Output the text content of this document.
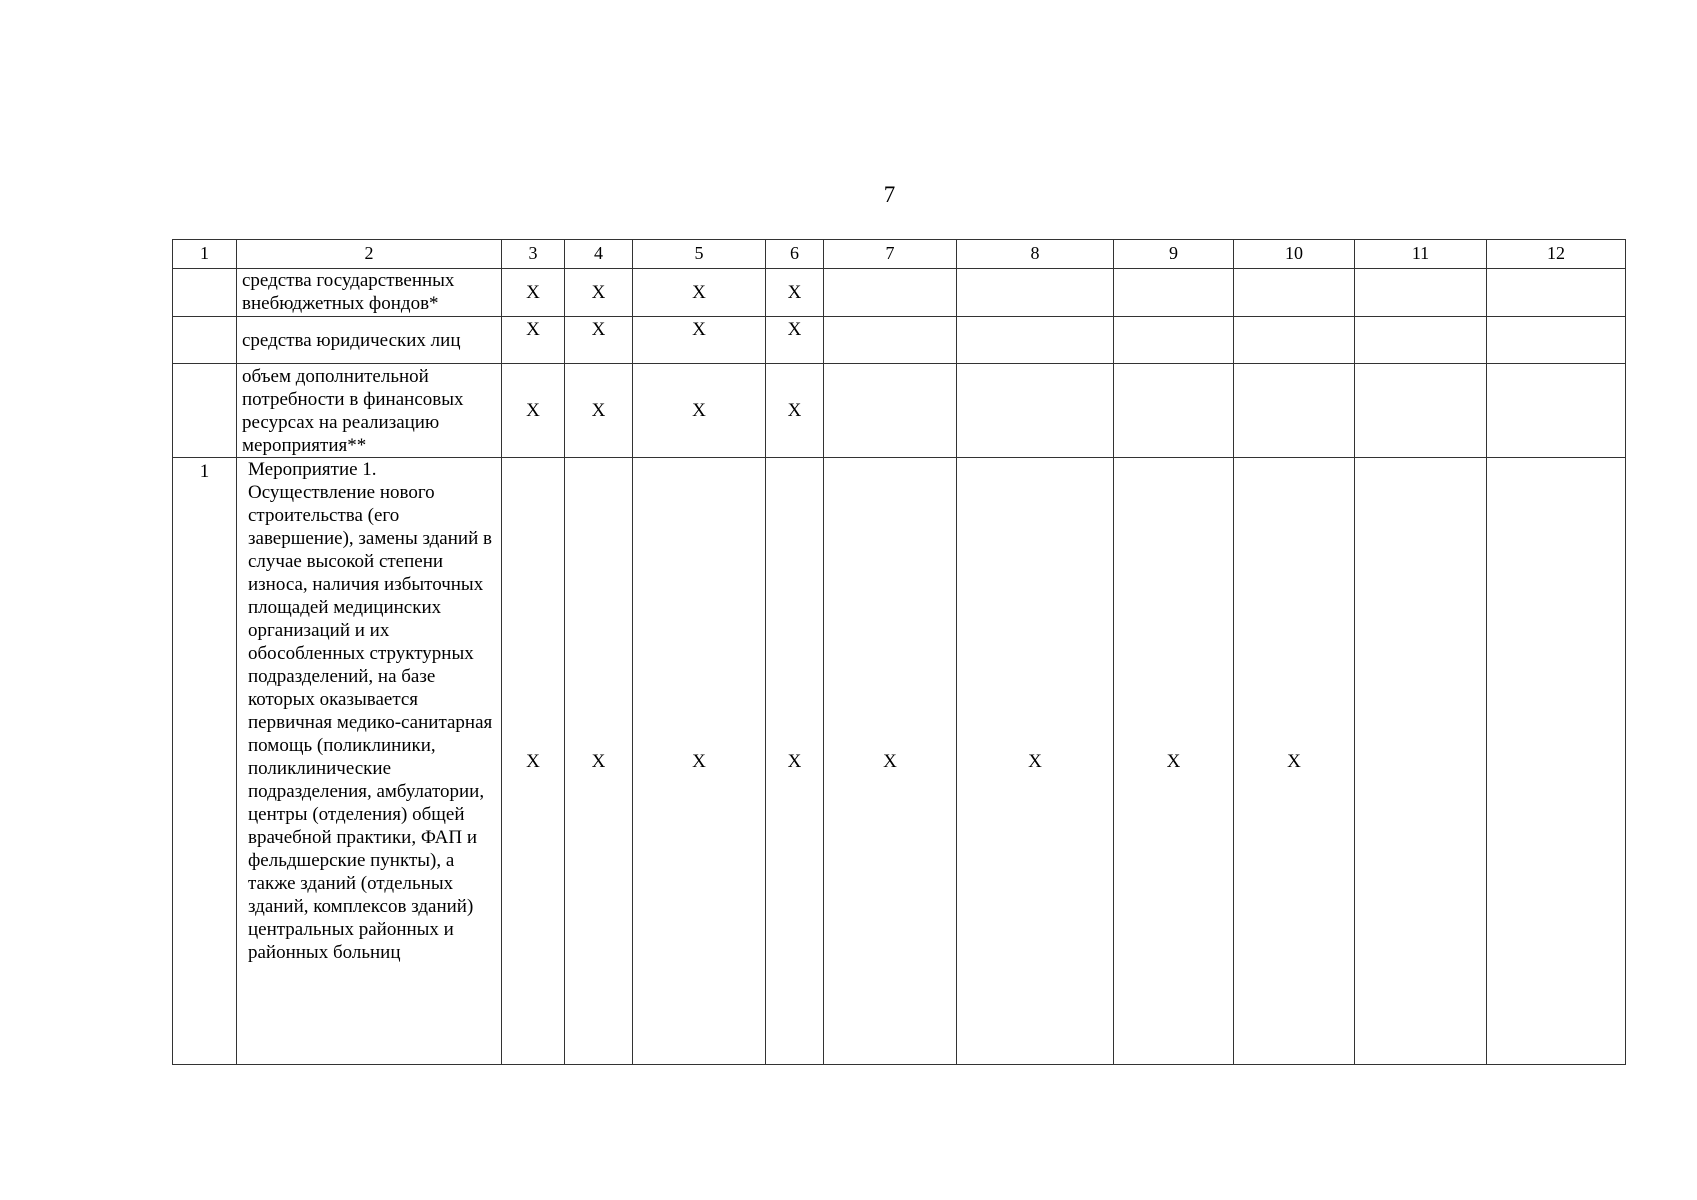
7
1	2	3	4	5	6	7	8	9	10	11	12
	средства государственных внебюджетных фондов*	X	X	X	X						
	средства юридических лиц	X	X	X	X						
	объем дополнительной потребности в финансовых ресурсах на реализацию мероприятия**	X	X	X	X						
1	Мероприятие 1. Осуществление нового строительства (его завершение), замены зданий в случае высокой степени износа, наличия избыточных площадей медицинских организаций и их обособленных структурных подразделений, на базе которых оказывается первичная медико-санитарная помощь (поликлиники, поликлинические подразделения, амбулатории, центры (отделения) общей врачебной практики, ФАП и фельдшерские пункты), а также зданий (отдельных зданий, комплексов зданий) центральных районных и районных больниц	X	X	X	X	X	X	X	X		
